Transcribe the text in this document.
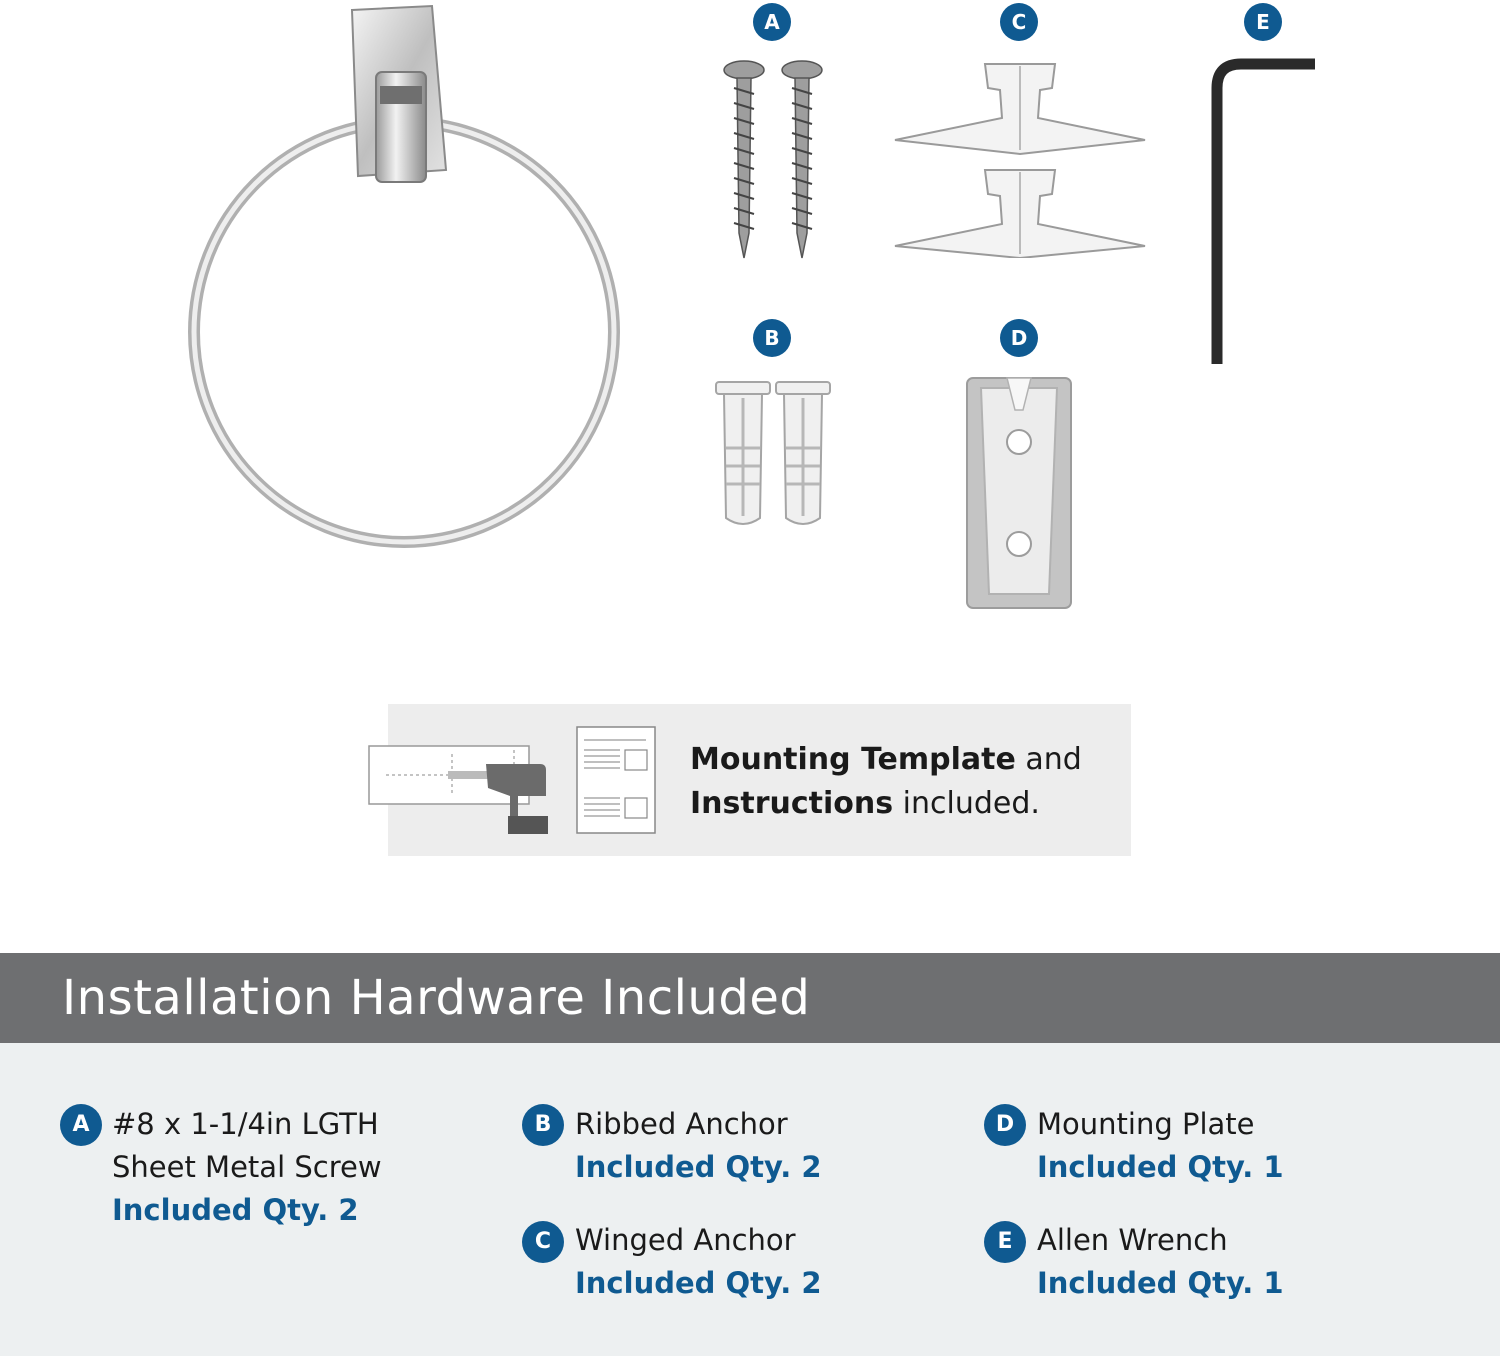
A	C	E
B	D
Mounting Template and
Instructions included.
Installation Hardware Included
A #8 x 1-1/4in LGTH
Sheet Metal Screw
Included Qty. 2
B Ribbed Anchor
Included Qty. 2
C Winged Anchor
Included Qty. 2
D Mounting Plate
Included Qty. 1
E Allen Wrench
Included Qty. 1
